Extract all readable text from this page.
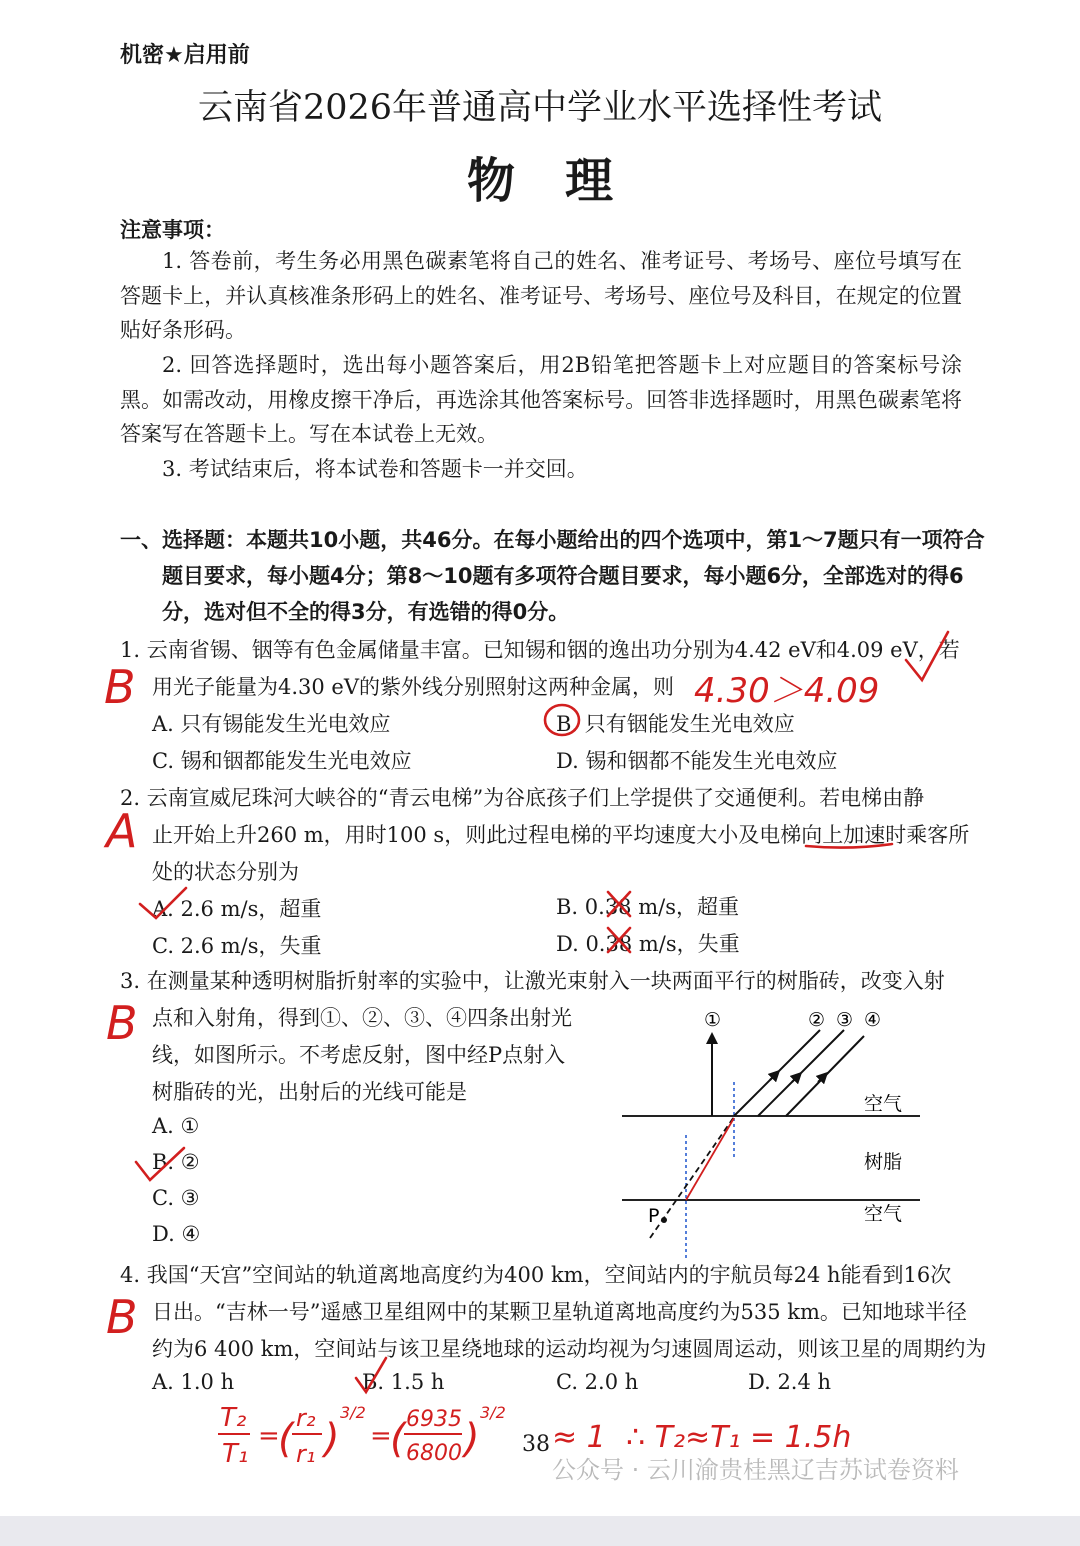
机密★启用前
云南省2026年普通高中学业水平选择性考试
物理
注意事项：
1. 答卷前，考生务必用黑色碳素笔将自己的姓名、准考证号、考场号、座位号填写在答题卡上，并认真核准条形码上的姓名、准考证号、考场号、座位号及科目，在规定的位置贴好条形码。
2. 回答选择题时，选出每小题答案后，用2B铅笔把答题卡上对应题目的答案标号涂黑。如需改动，用橡皮擦干净后，再选涂其他答案标号。回答非选择题时，用黑色碳素笔将答案写在答题卡上。写在本试卷上无效。
3. 考试结束后，将本试卷和答题卡一并交回。
一、选择题：本题共10小题，共46分。在每小题给出的四个选项中，第1～7题只有一项符合题目要求，每小题4分；第8～10题有多项符合题目要求，每小题6分，全部选对的得6分，选对但不全的得3分，有选错的得0分。
1. 云南省锡、铟等有色金属储量丰富。已知锡和铟的逸出功分别为4.42 eV和4.09 eV，若
用光子能量为4.30 eV的紫外线分别照射这两种金属，则
A. 只有锡能发生光电效应	B. 只有铟能发生光电效应
C. 锡和铟都能发生光电效应	D. 锡和铟都不能发生光电效应
B	4.30＞4.09
2. 云南宣威尼珠河大峡谷的“青云电梯”为谷底孩子们上学提供了交通便利。若电梯由静
止开始上升260 m，用时100 s，则此过程电梯的平均速度大小及电梯向上加速时乘客所
处的状态分别为
A. 2.6 m/s，超重	B. 0.38 m/s，超重
C. 2.6 m/s，失重	D. 0.38 m/s，失重
A
3. 在测量某种透明树脂折射率的实验中，让激光束射入一块两面平行的树脂砖，改变入射
点和入射角，得到①、②、③、④四条出射光
线，如图所示。不考虑反射，图中经P点射入
树脂砖的光，出射后的光线可能是
A. ①
B. ②
C. ③
D. ④
B	①	② ③ ④
空气
树脂
空气
P
4. 我国“天宫”空间站的轨道离地高度约为400 km，空间站内的宇航员每24 h能看到16次
日出。“吉林一号”遥感卫星组网中的某颗卫星轨道离地高度约为535 km。已知地球半径
约为6 400 km，空间站与该卫星绕地球的运动均视为匀速圆周运动，则该卫星的周期约为
A. 1.0 h	B. 1.5 h	C. 2.0 h	D. 2.4 h
B
T₂
T₁
=
( r₂
r₁ )
3/2
=
( 6935
6800 )
3/2
≈ 1 ∴ T₂≈T₁ = 1.5h
38
公众号 · 云川渝贵桂黑辽吉苏试卷资料
